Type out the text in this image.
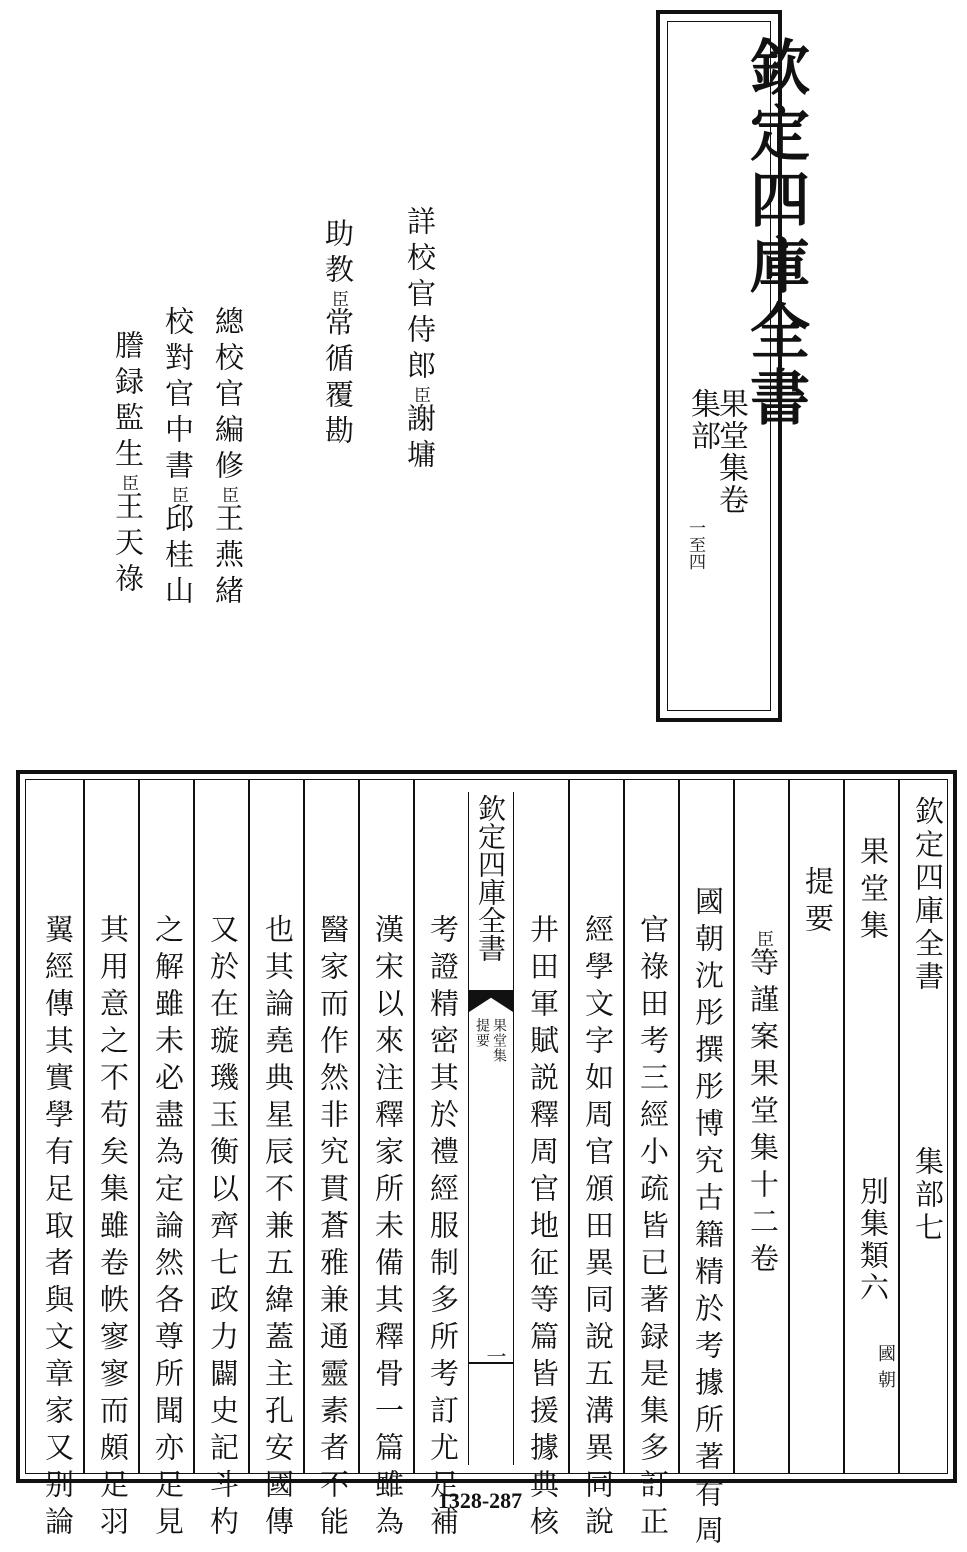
欽定四庫全書
集部
果堂集卷
一至四
詳校官侍郎臣謝墉
助教臣常循覆勘
總校官編修臣王燕緒
校對官中書臣邱桂山
謄録監生臣王天祿
欽定四庫全書
集部七
果堂集
別集類六
國朝
提要
臣等謹案果堂集十二卷
國朝沈彤撰彤博究古籍精於考據所著有周
官祿田考三經小疏皆已著録是集多訂正
經學文字如周官頒田異同說五溝異同說
欽定四庫全書
果堂集
提要
一 井田軍賦説釋周官地征等篇皆援據典核
考證精密其於禮經服制多所考訂尤足補
漢宋以來注釋家所未備其釋骨一篇雖為
醫家而作然非究貫蒼雅兼通靈素者不能
也其論堯典星辰不兼五緯蓋主孔安國傳
又於在璇璣玉衡以齊七政力闢史記斗杓
之解雖未必盡為定論然各尊所聞亦足見
其用意之不苟矣集雖卷帙寥寥而頗足羽
翼經傳其實學有足取者與文章家又别論	1328-287
